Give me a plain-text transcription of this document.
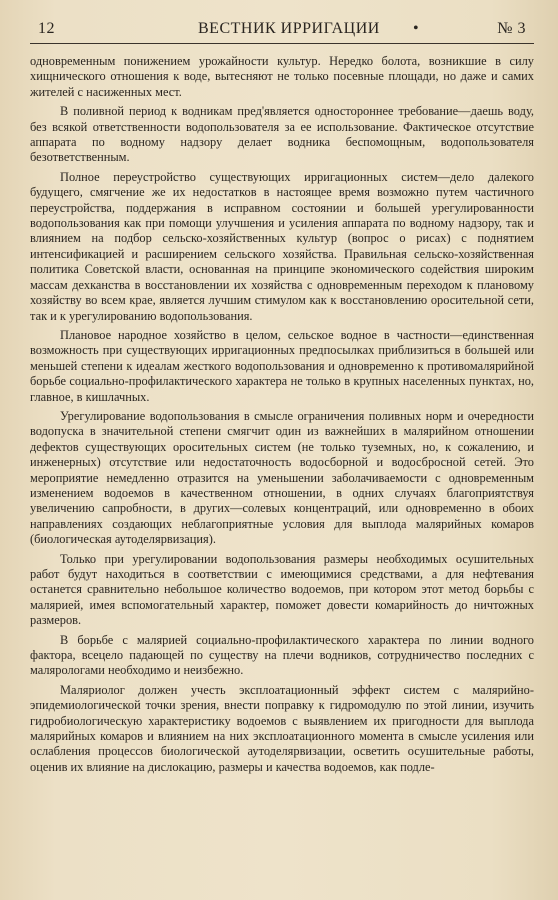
12	ВЕСТНИК ИРРИГАЦИИ •	№ 3

одновременным понижением урожайности культур. Нередко болота, возникшие в силу хищнического отношения к воде, вытесняют не только посевные площади, но даже и самих жителей с насиженных мест.

В поливной период к водникам пред'является одностороннее требование—дaешь воду, без всякой ответственности водопользователя за ее использование. Фактическое отсутствие аппарата по водному надзору делает водника беспомощным, водопользователя безответственным.

Полное переустройство существующих ирригационных систем—дело далекого будущего, смягчение же их недостатков в настоящее время возможно путем частичного переустройства, поддержания в исправном состоянии и большей урегулированности водопользования как при помощи улучшения и усиления аппарата по водному надзору, так и влиянием на подбор сельско-хозяйственных культур (вопрос о рисах) с поднятием интенсификацией и расширением сельского хозяйства. Правильная сельско-хозяйственная политика Советской власти, основанная на принципе экономического содействия широким массам дехканства в восстановлении их хозяйства с одновременным переходом к плановому хозяйству во всем крае, является лучшим стимулом как к восстановлению оросительной сети, так и к урегулированию водопользования.

Плановое народное хозяйство в целом, сельское водное в частности—единственная возможность при существующих ирригационных предпосылках приблизиться в большей или меньшей степени к идеалам жесткого водопользования и одновременно к противомалярийной борьбе социально-профилактического характера не только в крупных населенных пунктах, но, главное, в кишлачных.

Урегулирование водопользования в смысле ограничения поливных норм и очередности водопуска в значительной степени смягчит один из важнейших в малярийном отношении дефектов существующих оросительных систем (не только туземных, но, к сожалению, и инженерных) отсутствие или недостаточность водосборной и водосбросной сетей. Это мероприятие немедленно отразится на уменьшении заболачиваемости с одновременным изменением водоемов в качественном отношении, в одних случаях благоприятствуя увеличению сапробности, в других—солевых концентраций, или одновременно в обоих направлениях создающих неблагоприятные условия для выплода малярийных комаров (биологическая аутоделярвизация).

Только при урегулировании водопользования размеры необходимых осушительных работ будут находиться в соответствии с имеющимися средствами, а для нефтевания останется сравнительно небольшое количество водоемов, при котором этот метод борьбы с малярией, имея вспомогательный характер, поможет довести комарийность до ничтожных размеров.

В борьбе с малярией социально-профилактического характера по линии водного фактора, всецело падающей по существу на плечи водников, сотрудничество последних с малярологами необходимо и неизбежно.

Маляриолог должен учесть эксплоатационный эффект систем с малярийно-эпидемиологической точки зрения, внести поправку к гидромодулю по этой линии, изучить гидробиологическую характеристику водоемов с выявлением их пригодности для выплода малярийных комаров и влиянием на них эксплоатационного момента в смысле усиления или ослабления процессов биологической аутоделярвизации, осветить осушительные работы, оценив их влияние на дислокацию, размеры и качества водоемов, как подле-
